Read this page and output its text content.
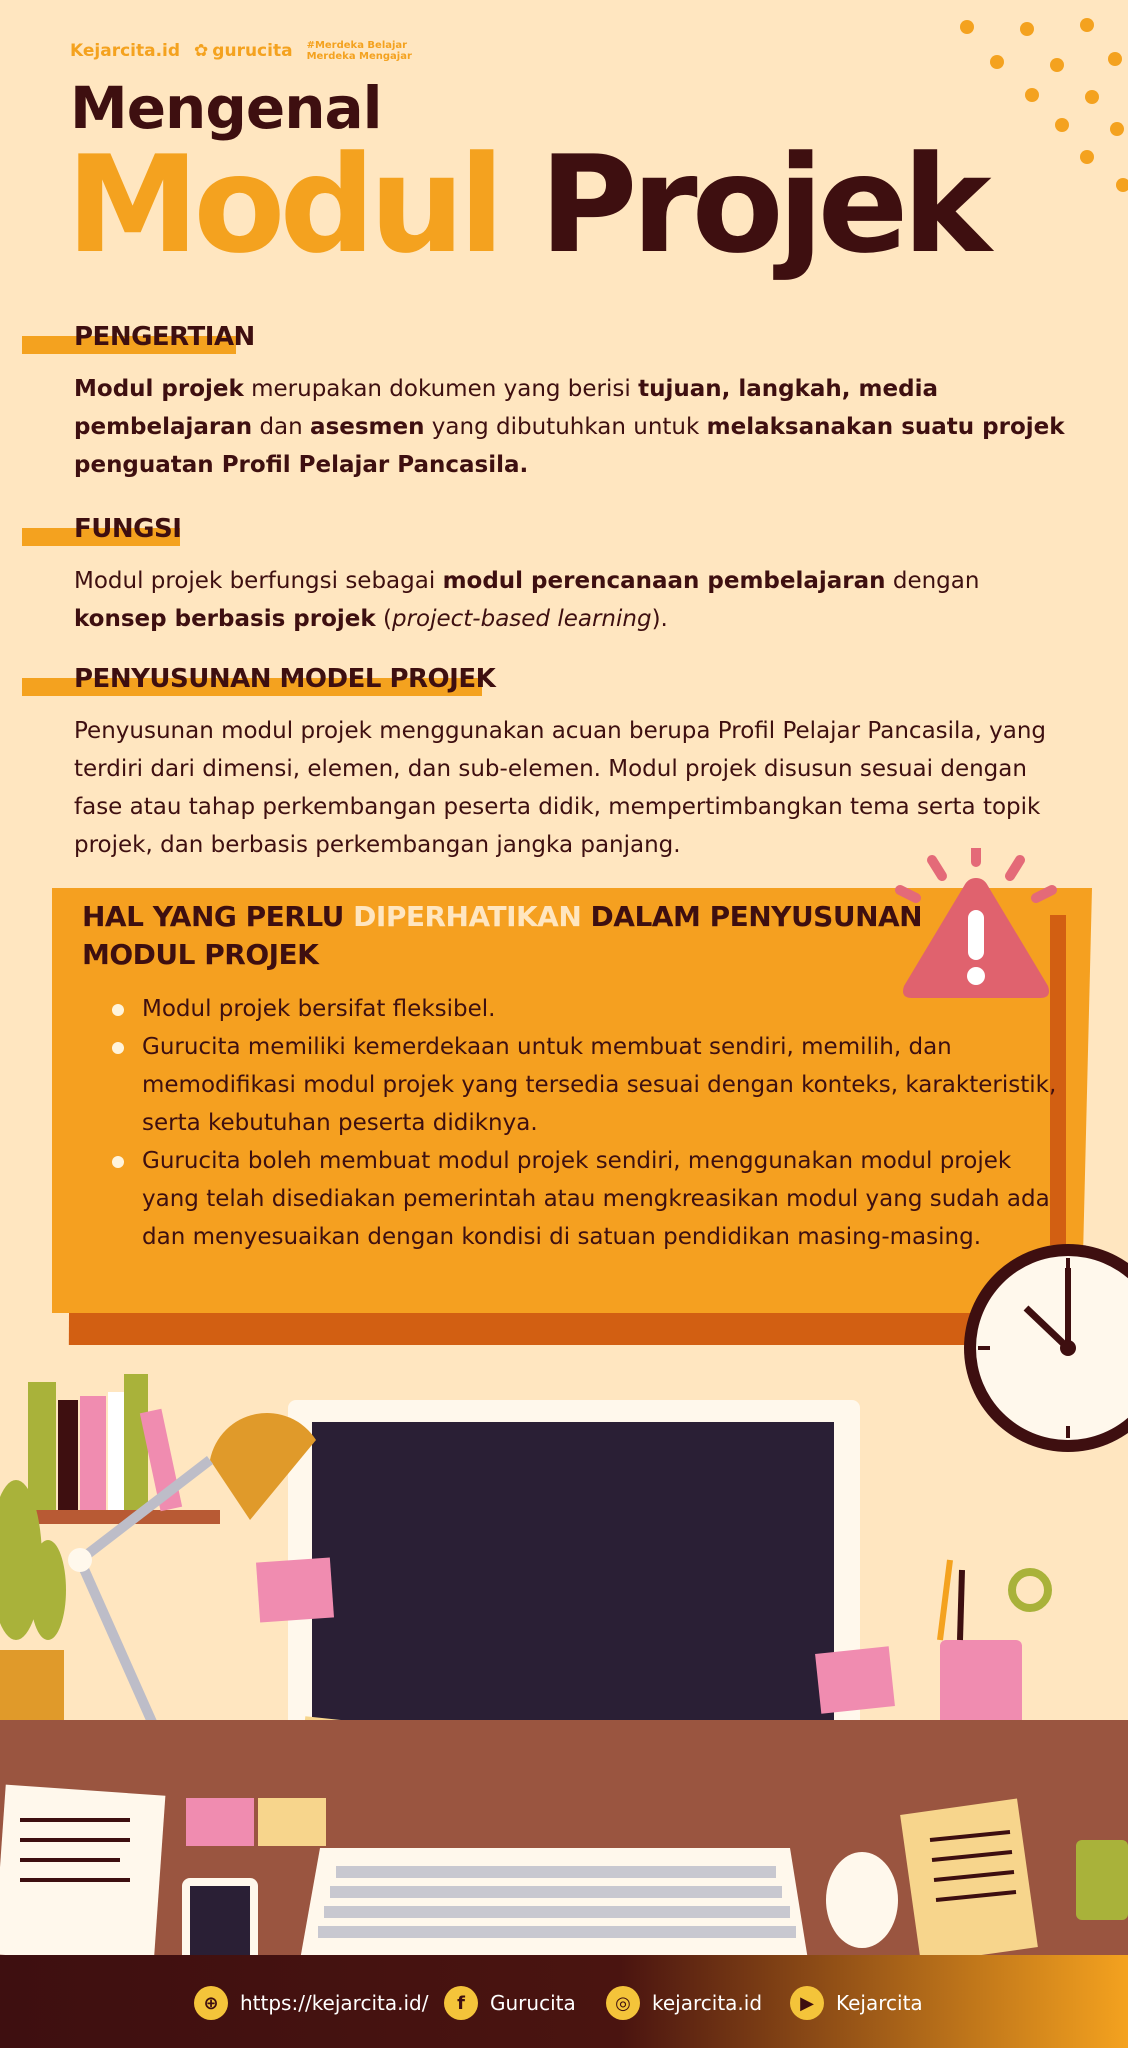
Kejarcita.id ✿ gurucita #Merdeka Belajar
Merdeka Mengajar
Mengenal
Modul Projek
PENGERTIAN
Modul projek merupakan dokumen yang berisi tujuan, langkah, media pembelajaran dan asesmen yang dibutuhkan untuk melaksanakan suatu projek penguatan Profil Pelajar Pancasila.
FUNGSI
Modul projek berfungsi sebagai modul perencanaan pembelajaran dengan konsep berbasis projek (project-based learning).
PENYUSUNAN MODEL PROJEK
Penyusunan modul projek menggunakan acuan berupa Profil Pelajar Pancasila, yang terdiri dari dimensi, elemen, dan sub-elemen. Modul projek disusun sesuai dengan fase atau tahap perkembangan peserta didik, mempertimbangkan tema serta topik projek, dan berbasis perkembangan jangka panjang.
HAL YANG PERLU DIPERHATIKAN DALAM PENYUSUNAN MODUL PROJEK
Modul projek bersifat fleksibel.
Gurucita memiliki kemerdekaan untuk membuat sendiri, memilih, dan memodifikasi modul projek yang tersedia sesuai dengan konteks, karakteristik, serta kebutuhan peserta didiknya.
Gurucita boleh membuat modul projek sendiri, menggunakan modul projek yang telah disediakan pemerintah atau mengkreasikan modul yang sudah ada dan menyesuaikan dengan kondisi di satuan pendidikan masing-masing.
⊕	https://kejarcita.id/	f	Gurucita	◎	kejarcita.id	▶	Kejarcita
